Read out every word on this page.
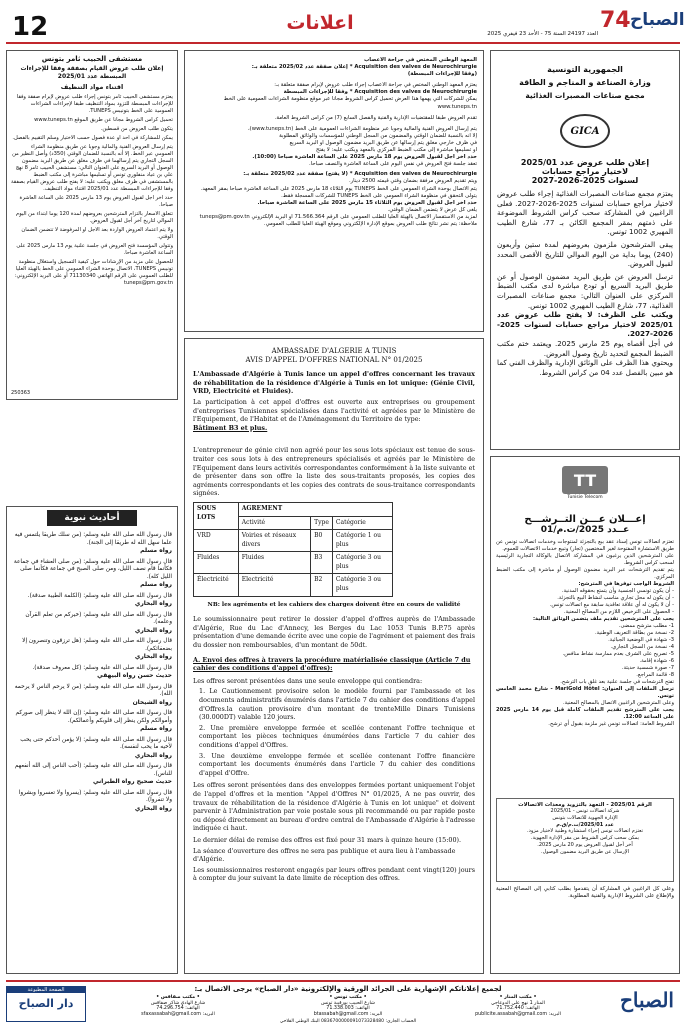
12	اعلانات	74 الصباح
العدد 24197 السنة 75 - الأحد 23 فيفري 2025
مستشفى الحبيب ثامر بتونس
إعلان طلب عروض القيام بصفقة وفقا للإجراءات المبسطة عدد 2025/01
اقتناء مواد التنظيف
يعتزم مستشفى الحبيب ثامر بتونس إجراء طلب عروض لإبرام صفقة وفقا للإجراءات المبسطة للتزود بمواد التنظيف طبقا لإجراءات الشراءات العمومية على الخط بتونيبس TUNEPS.
تحميل كراس الشروط مجانا عن طريق الموقع www.tuneps.tn
يتكون طلب العروض من قسطين.
يمكن للمشاركة في أحد أو عدة فصول حسب الاختيار وسلم التقييم بالفصل.
يتم إرسال العروض الفنية والمالية وجوبا عن طريق منظومة الشراء العمومي عبر الخط. إلا أنه بالنسبة للضمان الوقتي (350د) وأصل النظير من السجل التجاري يتم إرسالهما في ظرف مغلق عن طريق البريد مضمون الوصول أو البريد السريع على العنوان التالي: مستشفى الحبيب ثامر 8 نهج علي بن عياد منفلوري تونس أو تسليمها مباشرة إلى مكتب الضبط بالمستشفى في ظرف مغلق ويكتب عليه: لا يفتح طلب عروض القيام بصفقة وفقا للإجراءات المبسطة عدد 2025/01 اقتناء مواد التنظيف.
حدد آخر أجل لقبول العروض يوم 13 مارس 2025 على الساعة العاشرة صباحا.
تتعلق الأسعار بالتزام المترشحين بعروضهم لمدة 120 يوما ابتداء من اليوم الموالي لتاريخ آخر أجل لقبول العروض.
ولا يتم اعتماد العروض الواردة بعد الأجل أو المرفوضة لا تتضمن الضمان الوقتي.
وتتولى المؤسسة فتح العروض في جلسة علنية يوم 13 مارس 2025 على الساعة العاشرة صباحا.
للحصول على مزيد من الإرشادات حول كيفية التسجيل واستغلال منظومة تونيبس TUNEPS، الاتصال بوحدة الشراء العمومي على الخط بالهيئة العليا للطلب العمومي على الرقم الهاتفي 71130340 أو على البريد الإلكتروني: tuneps@pm.gov.tn
250363
أحاديث نبوية
قال رسول الله صلى الله عليه وسلم: (من سلك طريقا يلتمس فيه علما سهل الله له طريقا إلى الجنة).
رواه مسلم
قال رسول الله صلى الله عليه وسلم: (من صلى العشاء في جماعة فكأنما قام نصف الليل، ومن صلى الصبح في جماعة فكأنما صلى الليل كله).
رواه مسلم
قال رسول الله صلى الله عليه وسلم: (الكلمة الطيبة صدقة).
رواه البخاري
قال رسول الله صلى الله عليه وسلم: (خيركم من تعلم القرآن وعلمه).
رواه البخاري
قال رسول الله صلى الله عليه وسلم: (هل ترزقون وتنصرون إلا بضعفائكم).
رواه البخاري
قال رسول الله صلى الله عليه وسلم: (كل معروف صدقة).
حديث حسن رواه البيهقي
قال رسول الله صلى الله عليه وسلم: (من لا يرحم الناس لا يرحمه الله).
رواه الشيخان
قال رسول الله صلى الله عليه وسلم: (إن الله لا ينظر إلى صوركم وأموالكم ولكن ينظر إلى قلوبكم وأعمالكم).
رواه مسلم
قال رسول الله صلى الله عليه وسلم: (لا يؤمن أحدكم حتى يحب لأخيه ما يحب لنفسه).
رواه البخاري
قال رسول الله صلى الله عليه وسلم: (أحب الناس إلى الله أنفعهم للناس).
حديث صحيح رواه الطبراني
قال رسول الله صلى الله عليه وسلم: (يسروا ولا تعسروا وبشروا ولا تنفروا).
رواه البخاري
المعهد الوطني المختص في جراحة الأعصاب
Acquisition des valves de Neurochirurgie * إعلان صفقة عدد 2025/02 متعلقة بـ:
(وفقا للإجراءات المبسطة)
يعتزم المعهد الوطني المختص في جراحة الأعصاب إجراء طلب عروض لإبرام صفقة متعلقة بـ:
Acquisition des valves de Neurochirurgie * وفقا للإجراءات المبسطة
يمكن للشركات التي يهمها هذا العرض تحميل كراس الشروط مجانا عبر موقع منظومة الشراءات العمومية على الخط www.tuneps.tn
تقدم العروض طبقا للمقتضيات الإدارية والفنية والفصل السابع (7) من كراس الشروط العامة.
يتم إرسال العروض الفنية والمالية وجوبا عبر منظومة الشراءات العمومية على الخط (www.tuneps.tn)،
إلا أنه بالنسبة للضمان الوقتي والمضمون من السجل الوطني للمؤسسات والوثائق المطلوبة
في ظرف خارجي مغلق يتم إرسالها عن طريق البريد مضمون الوصول أو البريد السريع
أو تسليمها مباشرة إلى مكتب الضبط المركزي بالمعهد ويكتب عليه: لا يفتح
حدد آخر أجل لقبول العروض يوم 18 مارس 2025 على الساعة العاشرة صباحا (10:00).
تعقد جلسة فتح العروض في نفس اليوم على الساعة العاشرة والنصف صباحا.
Acquisition des valves de Neurochirurgie * (لا يفتح) صفقة عدد 2025/02 متعلقة بـ:
ويتم تقديم العروض مرفقة بضمان وقتي قيمته 2500 دينار.
يتم الاتصال بوحدة الشراء العمومي على الخط TUNEPS يوم الثلاثاء 18 مارس 2025 على الساعة العاشرة صباحا بمقر المعهد.
يتولى التحقق في منظومة الشراء العمومي على الخط TUNEPS للشركات المسجلة فقط.
حدد آخر أجل لقبول العروض يوم الثلاثاء 15 مارس 2025 على الساعة العاشرة صباحا.
يلغى كل عرض لا يتضمن الضمان الوقتي.
لمزيد من الاستفسار الاتصال بالهيئة العليا للطلب العمومي على الرقم 71.566.364 أو البريد الإلكتروني tuneps@pm.gov.tn
ملاحظة: يتم نشر نتائج طلب العروض بموقع الإدارة الإلكتروني وموقع الهيئة العليا للطلب العمومي.
AMBASSADE D'ALGERIE A TUNIS
AVIS D'APPEL D'OFFRES NATIONAL N° 01/2025
L'Ambassade d'Algérie à Tunis lance un appel d'offres concernant les travaux de réhabilitation de la résidence d'Algérie à Tunis en lot unique: (Génie Civil, VRD, Electricité et Fluides).
La participation à cet appel d'offres est ouverte aux entreprises ou groupement d'entreprises Tunisiennes spécialisées dans l'activité et agréées par le Ministère de l'Equipement, de l'Habitat et de l'Aménagement du Territoire de type:
Bâtiment B3 et plus.
L'entrepreneur de génie civil non agréé pour les sous lots spéciaux est tenue de sous-traiter ces sous lots à des entrepreneurs spécialisés et agréés par le Ministère de l'Equipement dans leurs activités correspondantes conformément à la liste suivante et de présenter dans son offre la liste des sous-traitants proposés, les copies des agréments correspondants et les copies des contrats de sous-traitance correspondants signées.
SOUS LOTS	AGREMENT		
	Activité	Type	Catégorie
VRD	Voiries et réseaux divers	B0	Catégorie 1 ou plus
Fluides	Fluides	B3	Catégorie 3 ou plus
Électricité	Electricité	B2	Catégorie 3 ou plus
NB: les agréments et les cahiers des charges doivent être en cours de validité
Le soumissionnaire peut retirer le dossier d'appel d'offres auprès de l'Ambassade d'Algérie, Rue du Lac d'Annecy, les Berges du Lac 1053 Tunis B.P.75 après présentation d'une demande écrite avec une copie de l'agrément et paiement des frais du dossier non remboursables, d'un montant de 50dt.
A. Envoi des offres à travers la procédure matérialisée classique (Article 7 du cahier des conditions d'appel d'offres):
Les offres seront présentées dans une seule enveloppe qui contiendra:
1. Le Cautionnement provisoire selon le modèle fourni par l'ambassade et les documents administratifs énumérés dans l'article 7 du cahier des conditions d'appel d'Offres.la caution provisoire d'un montant de trenteMille Dinars Tunisiens (30.000DT) valable 120 jours.
2. Une première enveloppe fermée et scellée contenant l'offre technique et comportant les pièces techniques énumérées dans l'article 7 du cahier des conditions d'appel d'Offres.
3. Une deuxième enveloppe fermée et scellée contenant l'offre financière comportant les documents énumérés dans l'article 7 du cahier des conditions d'appel d'Offre.
Les offres seront présentées dans des enveloppes fermées portant uniquement l'objet de l'appel d'offres et la mention "Appel d'Offres N° 01/2025, A ne pas ouvrir, des travaux de réhabilitation de la résidence d'Algérie à Tunis en lot unique" et doivent parvenir à l'Administration par voie postale sous pli recommandé ou par rapide poste ou déposé directement au bureau d'ordre central de l'Ambassade d'Algérie à l'adresse indiquée ci haut.
Le dernier délai de remise des offres est fixé pour 31 mars à quinze heure (15:00).
La séance d'ouverture des offres ne sera pas publique et aura lieu à l'ambassade d'Algérie.
Les soumissionnaires resteront engagés par leurs offres pendant cent vingt(120) jours à compter du jour suivant la date limite de réception des offres.
الجمهورية التونسية
وزارة الصناعة و المناجم و الطاقة
مجمع صناعات المصبرات الغذائية
GICA
إعلان طلب عروض عدد 2025/01
لاختيار مراجع حسابات
لسنوات 2025-2026-2027
يعتزم مجمع صناعات المصبرات الغذائية إجراء طلب عروض لاختيار مراجع حسابات لسنوات 2025-2026-2027. فعلى الراغبين في المشاركة سحب كراس الشروط الموضوعة على ذمتهم بمقر المجمع الكائن بـ 77، شارع الطيب المهيري 1002 تونس.
يبقى المترشحون ملزمون بعروضهم لمدة ستين وأربعون (240) يوما بداية من اليوم الموالي للتاريخ الأقصى المحدد لقبول العروض.
ترسل العروض عن طريق البريد مضمون الوصول أو عن طريق البريد السريع أو تودع مباشرة لدى مكتب الضبط المركزي على العنوان التالي: مجمع صناعات المصبرات الغذائية، 77، شارع الطيب المهيري 1002 تونس.
ويكتب على الظرف: لا يفتح طلب عروض عدد 2025/01 لاختيار مراجع حسابات لسنوات 2025-2026-2027.
في أجل أقصاه يوم 25 مارس 2025. ويعتمد ختم مكتب الضبط المجمع لتحديد تاريخ وصول العروض.
ويحتوي هذا الظرف على الوثائق الإدارية والظرف الفني كما هو مبين بالفصل عدد 04 من كراس الشروط.
TT
Tunisie Telecom
إعـــلان عـــن التــرشـــح
عــدد 2025/ت.م/01
تعتزم اتصالات تونس إسناد عقد بيع بالتجزئة لمنتوجات وخدمات اتصالات تونس عن طريق الاستشارة المفتوحة لغير المختصين (تجار) وتبيع خدمات الاتصالات للعموم.
على المترشحين الذين يرغبون في المشاركة الاتصال بالوكالة التجارية الرئيسية لسحب كراس الشروط.
يتم تقديم الترشحات عبر البريد مضمون الوصول أو مباشرة إلى مكتب الضبط المركزي.
الشروط الواجب توفرها في المترشح:
- أن يكون تونسي الجنسية وأن يتمتع بحقوقه المدنية.
- أن يكون له محل تجاري مناسب لنشاط البيع بالتجزئة.
- أن لا يكون له أي علاقة تعاقدية سابقة مع اتصالات تونس.
- الحصول على الترخيص اللازم من المصالح المعنية.
يجب على المترشحين تقديم ملف يتضمن الوثائق التالية:
1- مطلب مترشح ممضى.
2- نسخة من بطاقة التعريف الوطنية.
3- شهادة في الوضعية الجبائية.
4- نسخة من السجل التجاري.
5- تصريح على الشرف بعدم ممارسة نشاط منافس.
6- شهادة إقامة.
7- صورة شمسية حديثة.
8- قائمة المراجع.
تفتح الترشحات في جلسة علنية بعد غلق باب الترشح.
ترسل الملفات إلى العنوان: MariGold Hôtel - شارع محمد الخامس تونس.
وعلى المترشحين الراغبين الاتصال بالمصالح المعنية.
يجب على المترشح تقديم الملفات كاملة قبل يوم 14 مارس 2025 على الساعة 12:00.
الشروط العامة: اتصالات تونس غير ملزمة بقبول أي ترشح.
الرقم 2025/01 - التعهد بالتزويد ومعدات الاتصالات
شركة اتصالات تونس - 2025/01
الإدارة الجهوية للاتصالات بتونس
عدد 2025/01/ت.م/ق.م
تعتزم اتصالات تونس إجراء استشارة وطنية لاختيار مزود.
يمكن سحب كراس الشروط من مقر الإدارة الجهوية.
آخر أجل لقبول العروض يوم 20 مارس 2025.
الإرسال عن طريق البريد مضمون الوصول.
وعلى كل الراغبين في المشاركة أن يتقدموا بطلب كتابي إلى المصالح المعنية والإطلاع على الشروط الإدارية والفنية المطلوبة.
الصباح
لجميع إعلاناتكم الإشهارية على الجرائد الورقية والإلكترونية «دار الصباح» يرجى الاتصال بـ:
• مكتب المنار •
المنار 1 نهج علي الدوعاجي
الهاتف: 71.752.440
البريد: publicite.assabah@gmail.com
• مكتب تونس •
شارع الحبيب بورقيبة تونس
الهاتف: 71.338.003
البريد: btassabah@gmail.com
• مكتب صفاقس •
شارع الهادي شاكر صفاقس
الهاتف: 74.296.754
البريد: sfaxassabah@gmail.com
الحساب الجاري: 0836700000091073328480 البنك الوطني الفلاحي
الصفحة المطبوعة
دار الصباح
